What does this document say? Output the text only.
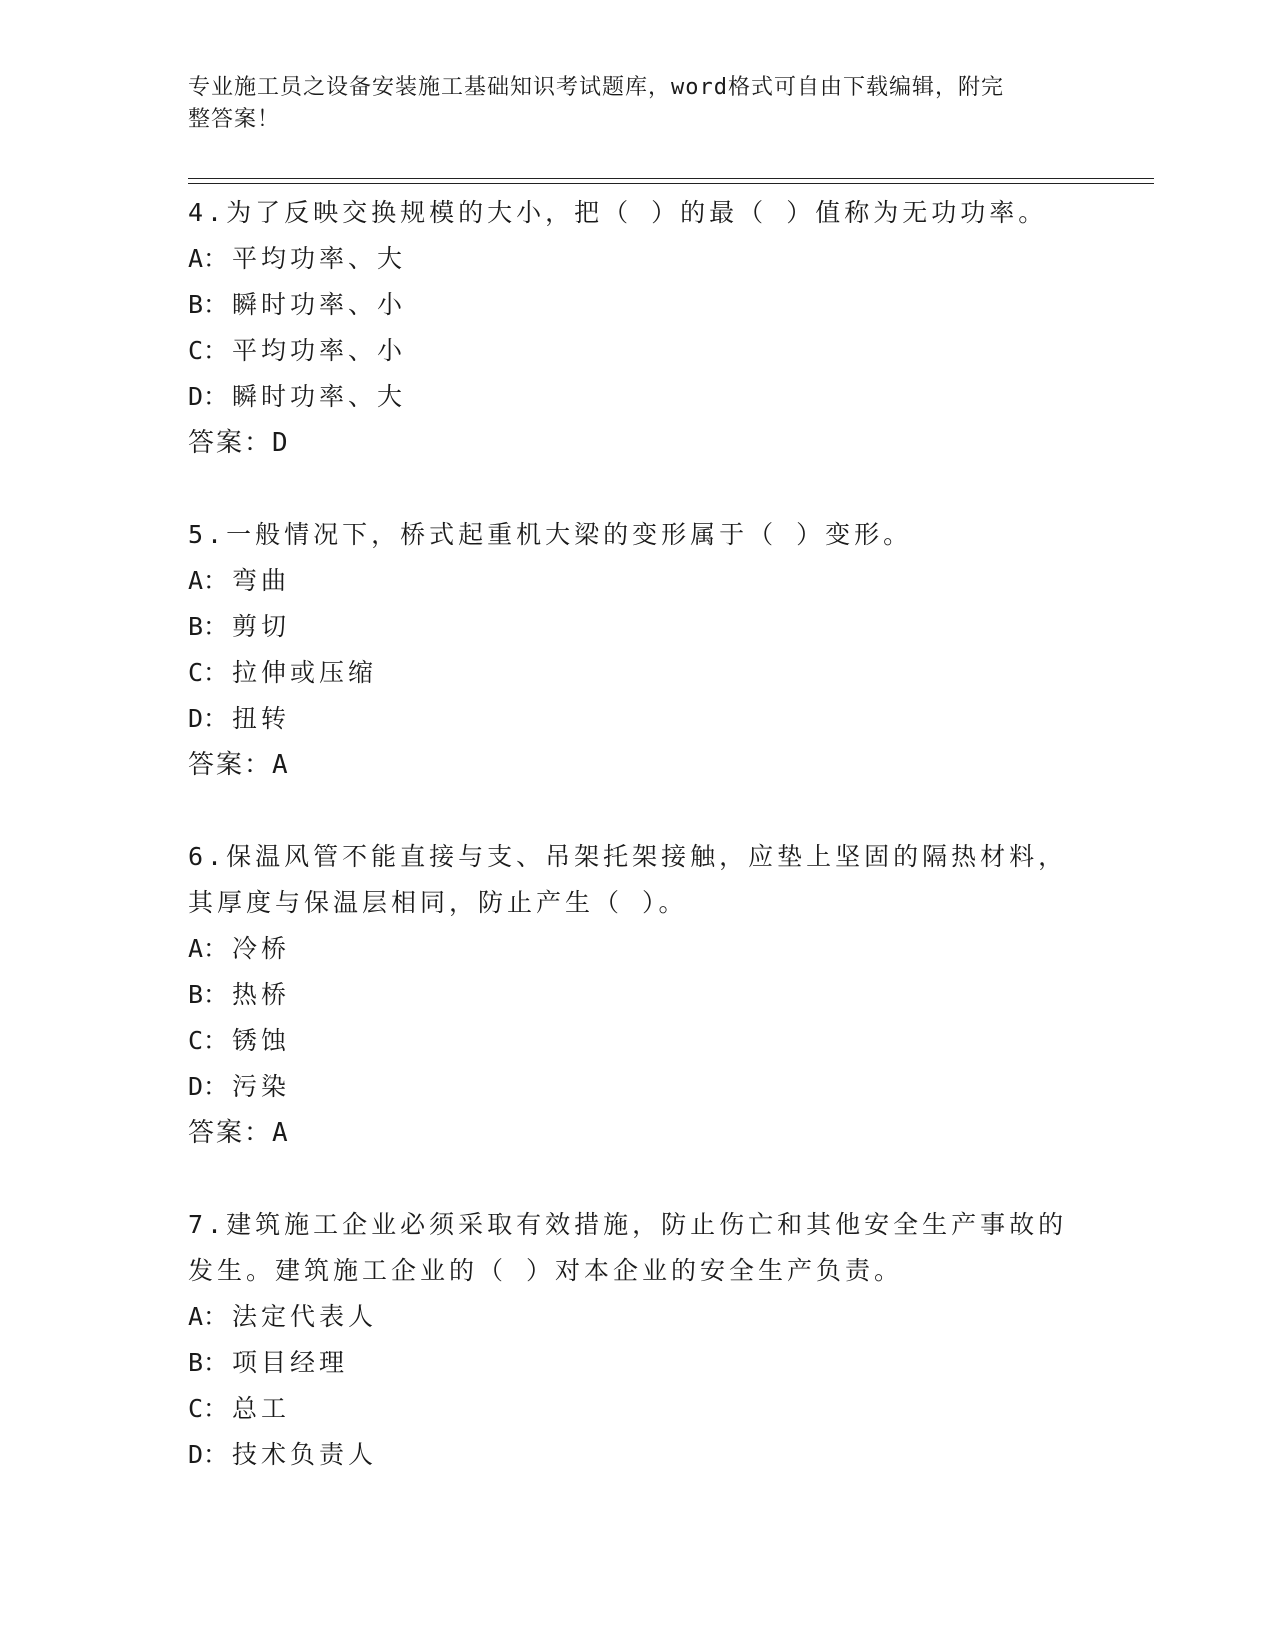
专业施工员之设备安装施工基础知识考试题库，word格式可自由下载编辑，附完
整答案！
4.为了反映交换规模的大小，把（ ）的最（ ）值称为无功功率。
A： 平均功率、大
B： 瞬时功率、小
C： 平均功率、小
D： 瞬时功率、大
答案：D
5.一般情况下，桥式起重机大梁的变形属于（ ）变形。
A： 弯曲
B： 剪切
C： 拉伸或压缩
D： 扭转
答案：A
6.保温风管不能直接与支、吊架托架接触，应垫上坚固的隔热材料，
其厚度与保温层相同，防止产生（ ）。
A： 冷桥
B： 热桥
C： 锈蚀
D： 污染
答案：A
7.建筑施工企业必须采取有效措施，防止伤亡和其他安全生产事故的
发生。建筑施工企业的（ ）对本企业的安全生产负责。
A： 法定代表人
B： 项目经理
C： 总工
D： 技术负责人
